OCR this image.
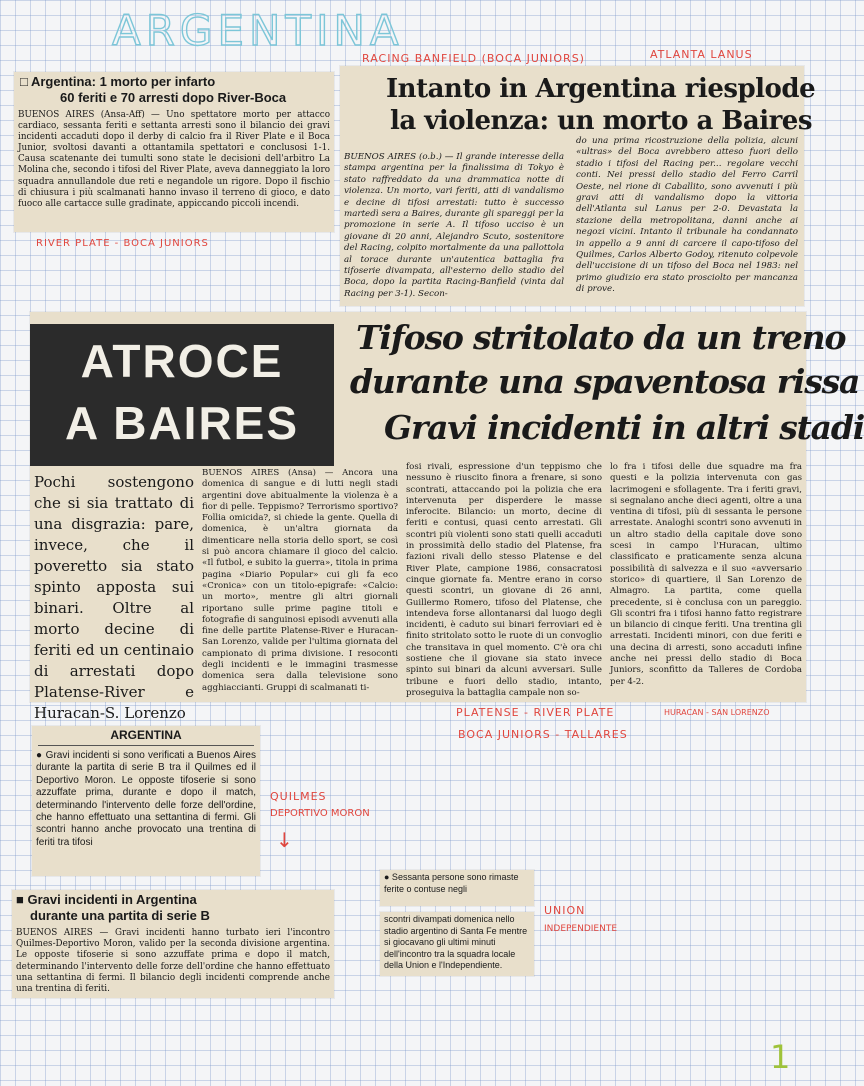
ARGENTINA
RACING BANFIELD (BOCA JUNIORS)	ATLANTA LANUS
□ Argentina: 1 morto per infarto
60 feriti e 70 arresti dopo River-Boca
BUENOS AIRES (Ansa-Aff) — Uno spettatore morto per attacco cardiaco, sessanta feriti e settanta arresti sono il bilancio dei gravi incidenti accaduti dopo il derby di calcio fra il River Plate e il Boca Junior, svoltosi davanti a ottantamila spettatori e conclusosi 1-1. Causa scatenante dei tumulti sono state le decisioni dell'arbitro La Molina che, secondo i tifosi del River Plate, aveva danneggiato la loro squadra annullandole due reti e negandole un rigore. Dopo il fischio di chiusura i più scalmanati hanno invaso il terreno di gioco, e dato fuoco alle cartacce sulle gradinate, appiccando piccoli incendi.
RIVER PLATE - BOCA JUNIORS
Intanto in Argentina riesplode
la violenza: un morto a Baires
BUENOS AIRES (o.b.) — Il grande interesse della stampa argentina per la finalissima di Tokyo è stato raffreddato da una drammatica notte di violenza. Un morto, vari feriti, atti di vandalismo e decine di tifosi arrestati: tutto è successo martedì sera a Baires, durante gli spareggi per la promozione in serie A. Il tifoso ucciso è un giovane di 20 anni, Alejandro Scuto, sostenitore del Racing, colpito mortalmente da una pallottola al torace durante un'autentica battaglia fra tifoserie divampata, all'esterno dello stadio del Boca, dopo la partita Racing-Banfield (vinta dal Racing per 3-1). Secon-
do una prima ricostruzione della polizia, alcuni «ultras» del Boca avrebbero atteso fuori dello stadio i tifosi del Racing per... regolare vecchi conti. Nei pressi dello stadio del Ferro Carril Oeste, nel rione di Caballito, sono avvenuti i più gravi atti di vandalismo dopo la vittoria dell'Atlanta sul Lanus per 2-0. Devastata la stazione della metropolitana, danni anche ai negozi vicini. Intanto il tribunale ha condannato in appello a 9 anni di carcere il capo-tifoso del Quilmes, Carlos Alberto Godoy, ritenuto colpevole dell'uccisione di un tifoso del Boca nel 1983: nel primo giudizio era stato prosciolto per mancanza di prove.
ATROCE
A BAIRES
Tifoso stritolato da un treno
durante una spaventosa rissa
Gravi incidenti in altri stadi
Pochi sostengono che si sia trattato di una disgrazia: pare, invece, che il poveretto sia stato spinto apposta sui binari. Oltre al morto decine di feriti ed un centinaio di arrestati dopo Platense-River e Huracan-S. Lorenzo
BUENOS AIRES (Ansa) — Ancora una domenica di sangue e di lutti negli stadi argentini dove abitualmente la violenza è a fior di pelle. Teppismo? Terrorismo sportivo? Follia omicida?, si chiede la gente. Quella di domenica, è un'altra giornata da dimenticare nella storia dello sport, se così si può ancora chiamare il gioco del calcio. «Il futbol, e subito la guerra», titola in prima pagina «Diario Popular» cui gli fa eco «Cronica» con un titolo-epigrafe: «Calcio: un morto», mentre gli altri giornali riportano sulle prime pagine titoli e fotografie di sanguinosi episodi avvenuti alla fine delle partite Platense-River e Huracan-San Lorenzo, valide per l'ultima giornata del campionato di prima divisione. I resoconti degli incidenti e le immagini trasmesse domenica sera dalla televisione sono agghiaccianti. Gruppi di scalmanati ti-
fosi rivali, espressione d'un teppismo che nessuno è riuscito finora a frenare, si sono scontrati, attaccando poi la polizia che era intervenuta per disperdere le masse inferocite. Bilancio: un morto, decine di feriti e contusi, quasi cento arrestati. Gli scontri più violenti sono stati quelli accaduti in prossimità dello stadio del Platense, fra fazioni rivali dello stesso Platense e del River Plate, campione 1986, consacratosi cinque giornate fa. Mentre erano in corso questi scontri, un giovane di 26 anni, Guillermo Romero, tifoso del Platense, che intendeva forse allontanarsi dal luogo degli incidenti, è caduto sui binari ferroviari ed è finito stritolato sotto le ruote di un convoglio che transitava in quel momento. C'è ora chi sostiene che il giovane sia stato invece spinto sui binari da alcuni avversari. Sulle tribune e fuori dello stadio, intanto, proseguiva la battaglia campale non so-
lo fra i tifosi delle due squadre ma fra questi e la polizia intervenuta con gas lacrimogeni e sfollagente. Tra i feriti gravi, si segnalano anche dieci agenti, oltre a una ventina di tifosi, più di sessanta le persone arrestate. Analoghi scontri sono avvenuti in un altro stadio della capitale dove sono scesi in campo l'Huracan, ultimo classificato e praticamente senza alcuna possibilità di salvezza e il suo «avversario storico» di quartiere, il San Lorenzo de Almagro. La partita, come quella precedente, si è conclusa con un pareggio. Gli scontri fra i tifosi hanno fatto registrare un bilancio di cinque feriti. Una trentina gli arrestati. Incidenti minori, con due feriti e una decina di arresti, sono accaduti infine anche nei pressi dello stadio di Boca Juniors, sconfitto da Talleres de Cordoba per 4-2.
PLATENSE - RIVER PLATE	HURACAN - SAN LORENZO
BOCA JUNIORS - TALLARES
ARGENTINA
● Gravi incidenti si sono verificati a Buenos Aires durante la partita di serie B tra il Quilmes ed il Deportivo Moron. Le opposte tifoserie si sono azzuffate prima, durante e dopo il match, determinando l'intervento delle forze dell'ordine, che hanno effettuato una settantina di fermi. Gli scontri hanno anche provocato una trentina di feriti tra tifosi
QUILMES
DEPORTIVO MORON
↓
■ Gravi incidenti in Argentina
durante una partita di serie B
BUENOS AIRES — Gravi incidenti hanno turbato ieri l'incontro Quilmes-Deportivo Moron, valido per la seconda divisione argentina. Le opposte tifoserie si sono azzuffate prima e dopo il match, determinando l'intervento delle forze dell'ordine che hanno effettuato una settantina di fermi. Il bilancio degli incidenti comprende anche una trentina di feriti.
● Sessanta persone sono rimaste ferite o contuse negli
scontri divampati domenica nello stadio argentino di Santa Fe mentre si giocavano gli ultimi minuti dell'incontro tra la squadra locale della Union e l'Independiente.
UNION
INDEPENDIENTE
1
